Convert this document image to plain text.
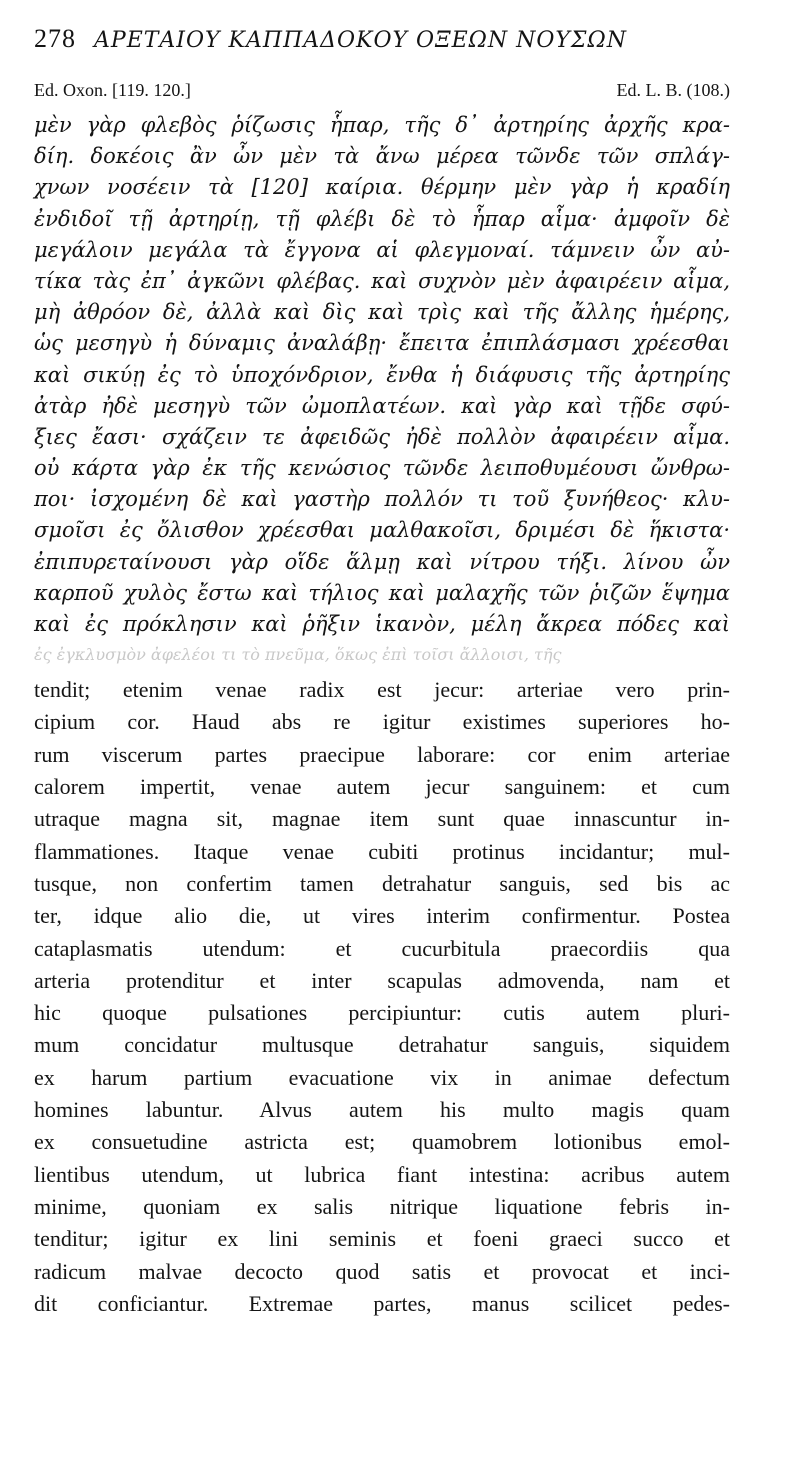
278 ΑΡΕΤΑΙΟΥ ΚΑΠΠΑΔΟΚΟΥ ΟΞΕΩΝ ΝΟΥΣΩΝ
Ed. Oxon. [119. 120.]	Ed. L. B. (108.)
μὲν γὰρ φλεβὸς ῥίζωσις ἧπαρ, τῆς δ᾽ ἀρτηρίης ἀρχῆς κρα-
δίη. δοκέοις ἂν ὦν μὲν τὰ ἄνω μέρεα τῶνδε τῶν σπλάγ-
χνων νοσέειν τὰ [120] καίρια. θέρμην μὲν γὰρ ἡ κραδίη
ἐνδιδοῖ τῇ ἀρτηρίῃ, τῇ φλέβι δὲ τὸ ἧπαρ αἷμα· ἀμφοῖν δὲ
μεγάλοιν μεγάλα τὰ ἔγγονα αἱ φλεγμοναί. τάμνειν ὦν αὐ-
τίκα τὰς ἐπ᾽ ἀγκῶνι φλέβας. καὶ συχνὸν μὲν ἀφαιρέειν αἷμα,
μὴ ἀθρόον δὲ, ἀλλὰ καὶ δὶς καὶ τρὶς καὶ τῆς ἄλλης ἡμέρης,
ὡς μεσηγὺ ἡ δύναμις ἀναλάβῃ· ἔπειτα ἐπιπλάσμασι χρέεσθαι
καὶ σικύῃ ἐς τὸ ὑποχόνδριον, ἔνθα ἡ διάφυσις τῆς ἀρτηρίης
ἀτὰρ ἠδὲ μεσηγὺ τῶν ὠμοπλατέων. καὶ γὰρ καὶ τῇδε σφύ-
ξιες ἔασι· σχάζειν τε ἀφειδῶς ἠδὲ πολλὸν ἀφαιρέειν αἷμα.
οὐ κάρτα γὰρ ἐκ τῆς κενώσιος τῶνδε λειποθυμέουσι ὤνθρω-
ποι· ἰσχομένη δὲ καὶ γαστὴρ πολλόν τι τοῦ ξυνήθεος· κλυ-
σμοῖσι ἐς ὄλισθον χρέεσθαι μαλθακοῖσι, δριμέσι δὲ ἥκιστα·
ἐπιπυρεταίνουσι γὰρ οἵδε ἅλμῃ καὶ νίτρου τήξι. λίνου ὦν
καρποῦ χυλὸς ἔστω καὶ τήλιος καὶ μαλαχῆς τῶν ῥιζῶν ἕψημα
καὶ ἐς πρόκλησιν καὶ ῥῆξιν ἱκανὸν, μέλη ἄκρεα πόδες καὶ
ἐς ἐγκλυσμὸν ἀφελέοι τι τὸ πνεῦμα, ὅκως ἐπὶ τοῖσι ἄλλοισι, τῆς
tendit; etenim venae radix est jecur: arteriae vero prin-
cipium cor. Haud abs re igitur existimes superiores ho-
rum viscerum partes praecipue laborare: cor enim arteriae
calorem impertit, venae autem jecur sanguinem: et cum
utraque magna sit, magnae item sunt quae innascuntur in-
flammationes. Itaque venae cubiti protinus incidantur; mul-
tusque, non confertim tamen detrahatur sanguis, sed bis ac
ter, idque alio die, ut vires interim confirmentur. Postea
cataplasmatis utendum: et cucurbitula praecordiis qua
arteria protenditur et inter scapulas admovenda, nam et
hic quoque pulsationes percipiuntur: cutis autem pluri-
mum concidatur multusque detrahatur sanguis, siquidem
ex harum partium evacuatione vix in animae defectum
homines labuntur. Alvus autem his multo magis quam
ex consuetudine astricta est; quamobrem lotionibus emol-
lientibus utendum, ut lubrica fiant intestina: acribus autem
minime, quoniam ex salis nitrique liquatione febris in-
tenditur; igitur ex lini seminis et foeni graeci succo et
radicum malvae decocto quod satis et provocat et inci-
dit conficiantur. Extremae partes, manus scilicet pedes-
